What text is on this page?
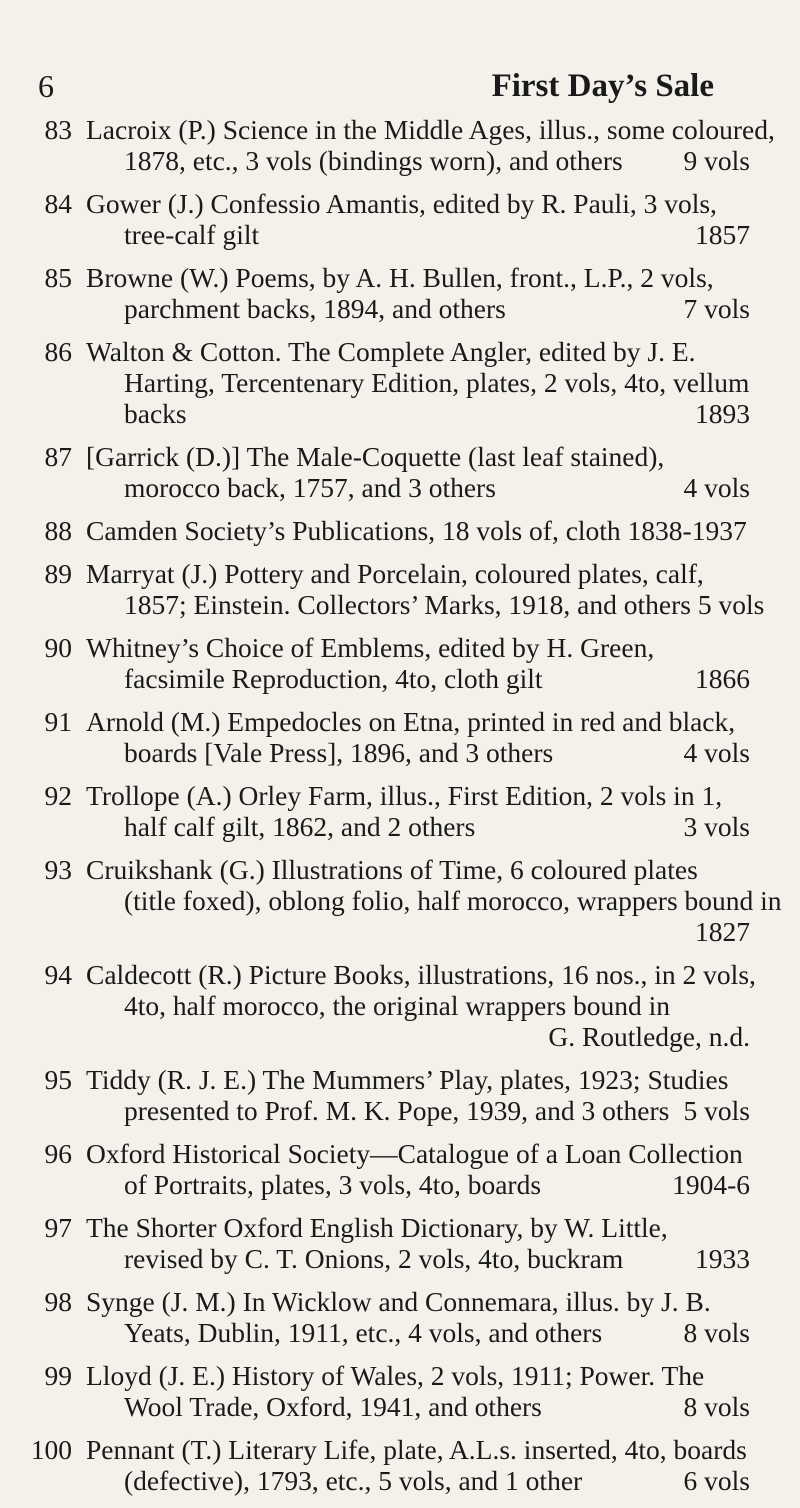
6	First Day’s Sale
83 Lacroix (P.) Science in the Middle Ages, illus., some coloured,
1878, etc., 3 vols (bindings worn), and others 9 vols
84 Gower (J.) Confessio Amantis, edited by R. Pauli, 3 vols,
tree-calf gilt	1857
85 Browne (W.) Poems, by A. H. Bullen, front., L.P., 2 vols,
parchment backs, 1894, and others	7 vols
86 Walton & Cotton. The Complete Angler, edited by J. E.
Harting, Tercentenary Edition, plates, 2 vols, 4to, vellum
backs	1893
87 [Garrick (D.)] The Male-Coquette (last leaf stained),
morocco back, 1757, and 3 others	4 vols
88 Camden Society’s Publications, 18 vols of, cloth 1838-1937
89 Marryat (J.) Pottery and Porcelain, coloured plates, calf,
1857; Einstein. Collectors’ Marks, 1918, and others 5 vols
90 Whitney’s Choice of Emblems, edited by H. Green,
facsimile Reproduction, 4to, cloth gilt	1866
91 Arnold (M.) Empedocles on Etna, printed in red and black,
boards [Vale Press], 1896, and 3 others	4 vols
92 Trollope (A.) Orley Farm, illus., First Edition, 2 vols in 1,
half calf gilt, 1862, and 2 others	3 vols
93 Cruikshank (G.) Illustrations of Time, 6 coloured plates
(title foxed), oblong folio, half morocco, wrappers bound in
1827
94 Caldecott (R.) Picture Books, illustrations, 16 nos., in 2 vols,
4to, half morocco, the original wrappers bound in
G. Routledge, n.d.
95 Tiddy (R. J. E.) The Mummers’ Play, plates, 1923; Studies
presented to Prof. M. K. Pope, 1939, and 3 others 5 vols
96 Oxford Historical Society—Catalogue of a Loan Collection
of Portraits, plates, 3 vols, 4to, boards	1904-6
97 The Shorter Oxford English Dictionary, by W. Little,
revised by C. T. Onions, 2 vols, 4to, buckram	1933
98 Synge (J. M.) In Wicklow and Connemara, illus. by J. B.
Yeats, Dublin, 1911, etc., 4 vols, and others	8 vols
99 Lloyd (J. E.) History of Wales, 2 vols, 1911; Power. The
Wool Trade, Oxford, 1941, and others	8 vols
100 Pennant (T.) Literary Life, plate, A.L.s. inserted, 4to, boards
(defective), 1793, etc., 5 vols, and 1 other	6 vols
